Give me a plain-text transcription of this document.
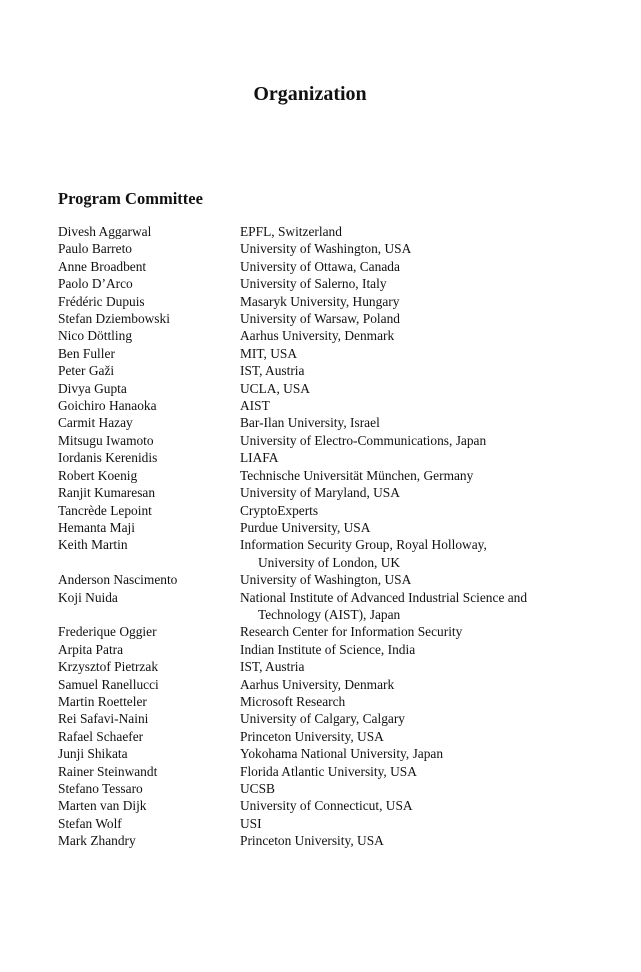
Organization
Program Committee
Divesh Aggarwal	EPFL, Switzerland
Paulo Barreto	University of Washington, USA
Anne Broadbent	University of Ottawa, Canada
Paolo D’Arco	University of Salerno, Italy
Frédéric Dupuis	Masaryk University, Hungary
Stefan Dziembowski	University of Warsaw, Poland
Nico Döttling	Aarhus University, Denmark
Ben Fuller	MIT, USA
Peter Gaži	IST, Austria
Divya Gupta	UCLA, USA
Goichiro Hanaoka	AIST
Carmit Hazay	Bar-Ilan University, Israel
Mitsugu Iwamoto	University of Electro-Communications, Japan
Iordanis Kerenidis	LIAFA
Robert Koenig	Technische Universität München, Germany
Ranjit Kumaresan	University of Maryland, USA
Tancrède Lepoint	CryptoExperts
Hemanta Maji	Purdue University, USA
Keith Martin	Information Security Group, Royal Holloway,
University of London, UK
Anderson Nascimento	University of Washington, USA
Koji Nuida	National Institute of Advanced Industrial Science and
Technology (AIST), Japan
Frederique Oggier	Research Center for Information Security
Arpita Patra	Indian Institute of Science, India
Krzysztof Pietrzak	IST, Austria
Samuel Ranellucci	Aarhus University, Denmark
Martin Roetteler	Microsoft Research
Rei Safavi-Naini	University of Calgary, Calgary
Rafael Schaefer	Princeton University, USA
Junji Shikata	Yokohama National University, Japan
Rainer Steinwandt	Florida Atlantic University, USA
Stefano Tessaro	UCSB
Marten van Dijk	University of Connecticut, USA
Stefan Wolf	USI
Mark Zhandry	Princeton University, USA
